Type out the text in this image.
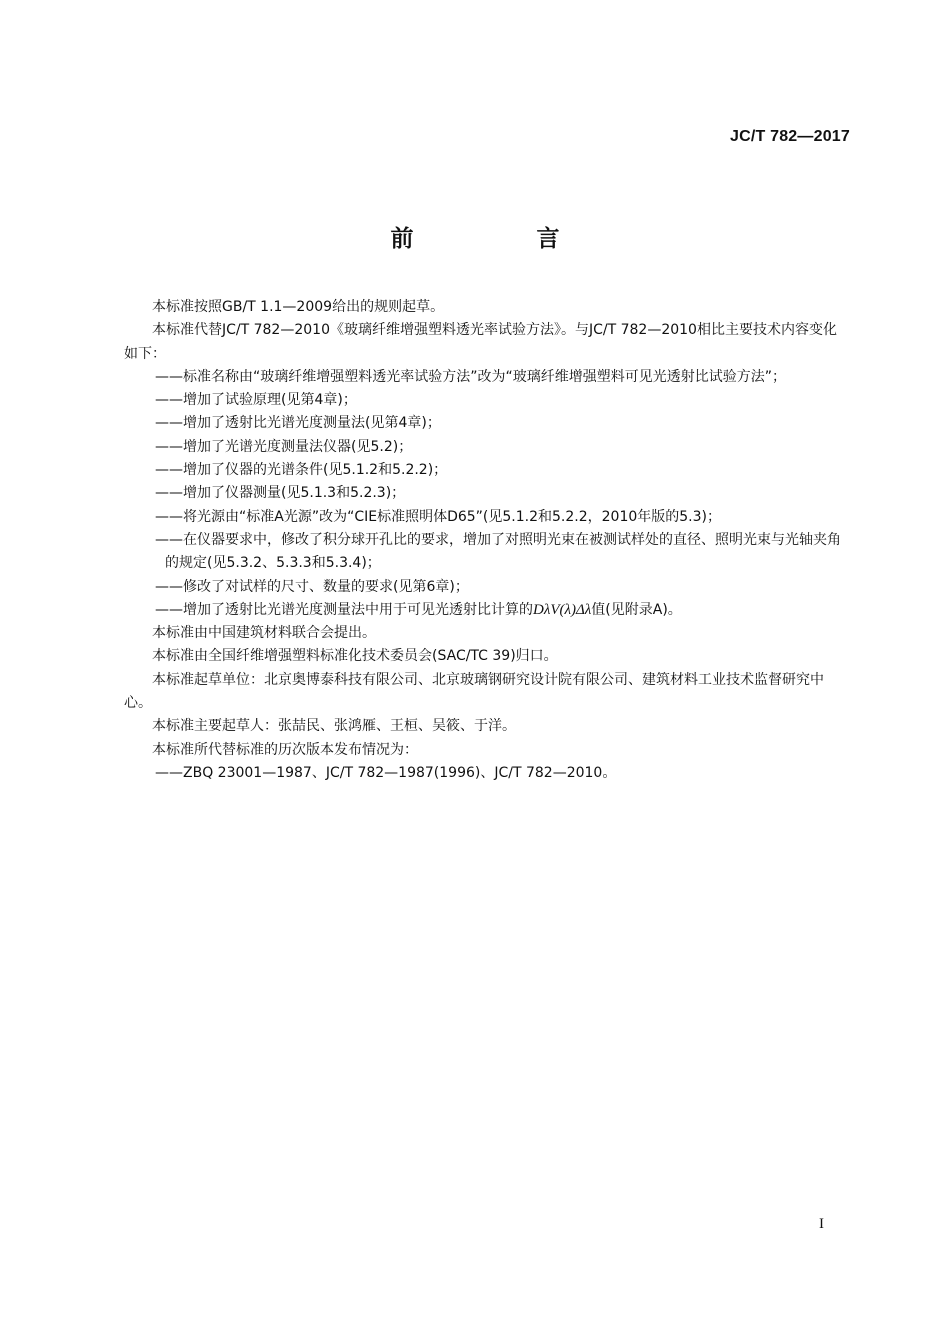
JC/T 782—2017
前　言

本标准按照GB/T 1.1—2009给出的规则起草。

本标准代替JC/T 782—2010《玻璃纤维增强塑料透光率试验方法》。与JC/T 782—2010相比主要技术内容变化如下：

——标准名称由“玻璃纤维增强塑料透光率试验方法”改为“玻璃纤维增强塑料可见光透射比试验方法”；

——增加了试验原理(见第4章)；

——增加了透射比光谱光度测量法(见第4章)；

——增加了光谱光度测量法仪器(见5.2)；

——增加了仪器的光谱条件(见5.1.2和5.2.2)；

——增加了仪器测量(见5.1.3和5.2.3)；

——将光源由“标准A光源”改为“CIE标准照明体D65”(见5.1.2和5.2.2，2010年版的5.3)；

——在仪器要求中，修改了积分球开孔比的要求，增加了对照明光束在被测试样处的直径、照明光束与光轴夹角的规定(见5.3.2、5.3.3和5.3.4)；

——修改了对试样的尺寸、数量的要求(见第6章)；

——增加了透射比光谱光度测量法中用于可见光透射比计算的DλV(λ)Δλ值(见附录A)。

本标准由中国建筑材料联合会提出。

本标准由全国纤维增强塑料标准化技术委员会(SAC/TC 39)归口。

本标准起草单位：北京奥博泰科技有限公司、北京玻璃钢研究设计院有限公司、建筑材料工业技术监督研究中心。

本标准主要起草人：张喆民、张鸿雁、王桓、吴筱、于洋。

本标准所代替标准的历次版本发布情况为：

——ZBQ 23001—1987、JC/T 782—1987(1996)、JC/T 782—2010。

I
